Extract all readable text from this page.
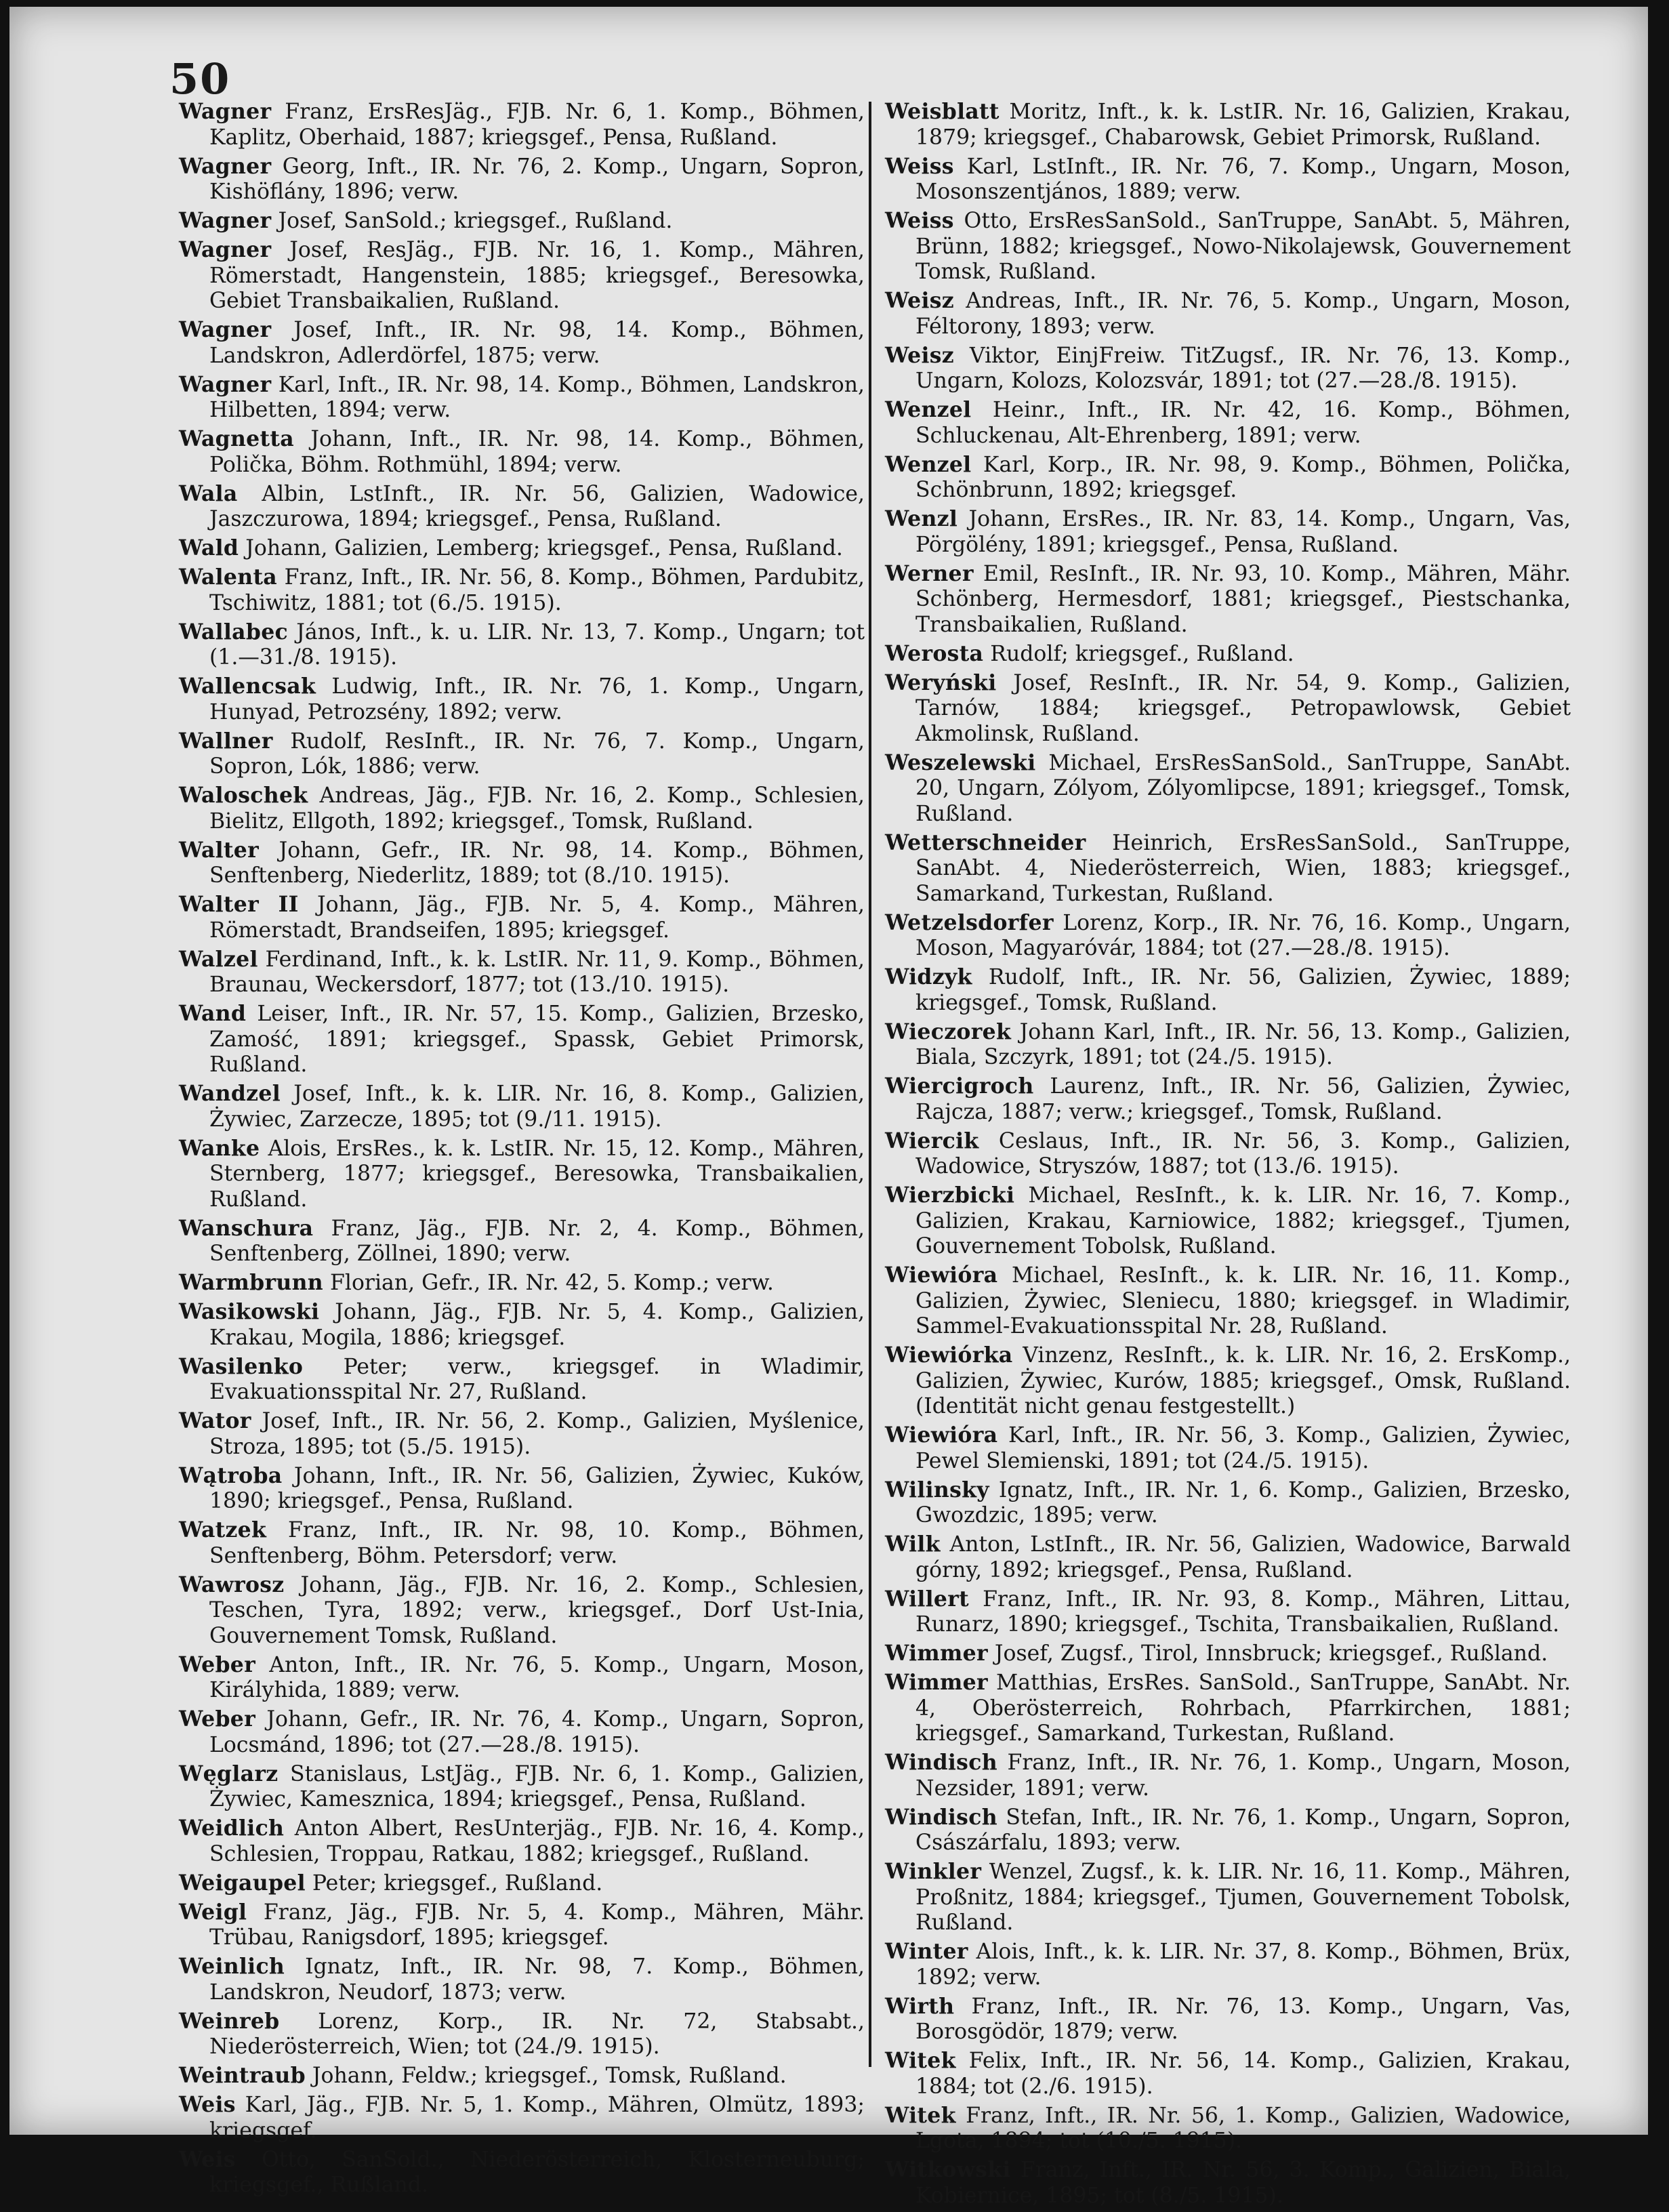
50

Wagner Franz, ErsResJäg., FJB. Nr. 6, 1. Komp., Böhmen, Kaplitz, Oberhaid, 1887; kriegsgef., Pensa, Rußland.

Wagner Georg, Inft., IR. Nr. 76, 2. Komp., Ungarn, Sopron, Kishöflány, 1896; verw.

Wagner Josef, SanSold.; kriegsgef., Rußland.

Wagner Josef, ResJäg., FJB. Nr. 16, 1. Komp., Mähren, Römerstadt, Hangenstein, 1885; kriegsgef., Beresowka, Gebiet Transbaikalien, Rußland.

Wagner Josef, Inft., IR. Nr. 98, 14. Komp., Böhmen, Landskron, Adlerdörfel, 1875; verw.

Wagner Karl, Inft., IR. Nr. 98, 14. Komp., Böhmen, Landskron, Hilbetten, 1894; verw.

Wagnetta Johann, Inft., IR. Nr. 98, 14. Komp., Böhmen, Polička, Böhm. Rothmühl, 1894; verw.

Wala Albin, LstInft., IR. Nr. 56, Galizien, Wadowice, Jaszczurowa, 1894; kriegsgef., Pensa, Rußland.

Wald Johann, Galizien, Lemberg; kriegsgef., Pensa, Rußland.

Walenta Franz, Inft., IR. Nr. 56, 8. Komp., Böhmen, Pardubitz, Tschiwitz, 1881; tot (6./5. 1915).

Wallabec János, Inft., k. u. LIR. Nr. 13, 7. Komp., Ungarn; tot (1.—31./8. 1915).

Wallencsak Ludwig, Inft., IR. Nr. 76, 1. Komp., Ungarn, Hunyad, Petrozsény, 1892; verw.

Wallner Rudolf, ResInft., IR. Nr. 76, 7. Komp., Ungarn, Sopron, Lók, 1886; verw.

Waloschek Andreas, Jäg., FJB. Nr. 16, 2. Komp., Schlesien, Bielitz, Ellgoth, 1892; kriegsgef., Tomsk, Rußland.

Walter Johann, Gefr., IR. Nr. 98, 14. Komp., Böhmen, Senftenberg, Niederlitz, 1889; tot (8./10. 1915).

Walter II Johann, Jäg., FJB. Nr. 5, 4. Komp., Mähren, Römerstadt, Brandseifen, 1895; kriegsgef.

Walzel Ferdinand, Inft., k. k. LstIR. Nr. 11, 9. Komp., Böhmen, Braunau, Weckersdorf, 1877; tot (13./10. 1915).

Wand Leiser, Inft., IR. Nr. 57, 15. Komp., Galizien, Brzesko, Zamość, 1891; kriegsgef., Spassk, Gebiet Primorsk, Rußland.

Wandzel Josef, Inft., k. k. LIR. Nr. 16, 8. Komp., Galizien, Żywiec, Zarzecze, 1895; tot (9./11. 1915).

Wanke Alois, ErsRes., k. k. LstIR. Nr. 15, 12. Komp., Mähren, Sternberg, 1877; kriegsgef., Beresowka, Transbaikalien, Rußland.

Wanschura Franz, Jäg., FJB. Nr. 2, 4. Komp., Böhmen, Senftenberg, Zöllnei, 1890; verw.

Warmbrunn Florian, Gefr., IR. Nr. 42, 5. Komp.; verw.

Wasikowski Johann, Jäg., FJB. Nr. 5, 4. Komp., Galizien, Krakau, Mogila, 1886; kriegsgef.

Wasilenko Peter; verw., kriegsgef. in Wladimir, Evakuationsspital Nr. 27, Rußland.

Wator Josef, Inft., IR. Nr. 56, 2. Komp., Galizien, Myślenice, Stroza, 1895; tot (5./5. 1915).

Wątroba Johann, Inft., IR. Nr. 56, Galizien, Żywiec, Kuków, 1890; kriegsgef., Pensa, Rußland.

Watzek Franz, Inft., IR. Nr. 98, 10. Komp., Böhmen, Senftenberg, Böhm. Petersdorf; verw.

Wawrosz Johann, Jäg., FJB. Nr. 16, 2. Komp., Schlesien, Teschen, Tyra, 1892; verw., kriegsgef., Dorf Ust-Inia, Gouvernement Tomsk, Rußland.

Weber Anton, Inft., IR. Nr. 76, 5. Komp., Ungarn, Moson, Királyhida, 1889; verw.

Weber Johann, Gefr., IR. Nr. 76, 4. Komp., Ungarn, Sopron, Locsmánd, 1896; tot (27.—28./8. 1915).

Węglarz Stanislaus, LstJäg., FJB. Nr. 6, 1. Komp., Galizien, Żywiec, Kamesznica, 1894; kriegsgef., Pensa, Rußland.

Weidlich Anton Albert, ResUnterjäg., FJB. Nr. 16, 4. Komp., Schlesien, Troppau, Ratkau, 1882; kriegsgef., Rußland.

Weigaupel Peter; kriegsgef., Rußland.

Weigl Franz, Jäg., FJB. Nr. 5, 4. Komp., Mähren, Mähr. Trübau, Ranigsdorf, 1895; kriegsgef.

Weinlich Ignatz, Inft., IR. Nr. 98, 7. Komp., Böhmen, Landskron, Neudorf, 1873; verw.

Weinreb Lorenz, Korp., IR. Nr. 72, Stabsabt., Niederösterreich, Wien; tot (24./9. 1915).

Weintraub Johann, Feldw.; kriegsgef., Tomsk, Rußland.

Weis Karl, Jäg., FJB. Nr. 5, 1. Komp., Mähren, Olmütz, 1893; kriegsgef.

Weis Otto, SanSold., Niederösterreich, Klosterneuburg; kriegsgef., Rußland.

Weisblatt Moritz, Inft., k. k. LstIR. Nr. 16, Galizien, Krakau, 1879; kriegsgef., Chabarowsk, Gebiet Primorsk, Rußland.

Weiss Karl, LstInft., IR. Nr. 76, 7. Komp., Ungarn, Moson, Mosonszentjános, 1889; verw.

Weiss Otto, ErsResSanSold., SanTruppe, SanAbt. 5, Mähren, Brünn, 1882; kriegsgef., Nowo-Nikolajewsk, Gouvernement Tomsk, Rußland.

Weisz Andreas, Inft., IR. Nr. 76, 5. Komp., Ungarn, Moson, Féltorony, 1893; verw.

Weisz Viktor, EinjFreiw. TitZugsf., IR. Nr. 76, 13. Komp., Ungarn, Kolozs, Kolozsvár, 1891; tot (27.—28./8. 1915).

Wenzel Heinr., Inft., IR. Nr. 42, 16. Komp., Böhmen, Schluckenau, Alt-Ehrenberg, 1891; verw.

Wenzel Karl, Korp., IR. Nr. 98, 9. Komp., Böhmen, Polička, Schönbrunn, 1892; kriegsgef.

Wenzl Johann, ErsRes., IR. Nr. 83, 14. Komp., Ungarn, Vas, Pörgölény, 1891; kriegsgef., Pensa, Rußland.

Werner Emil, ResInft., IR. Nr. 93, 10. Komp., Mähren, Mähr. Schönberg, Hermesdorf, 1881; kriegsgef., Piestschanka, Transbaikalien, Rußland.

Werosta Rudolf; kriegsgef., Rußland.

Weryński Josef, ResInft., IR. Nr. 54, 9. Komp., Galizien, Tarnów, 1884; kriegsgef., Petropawlowsk, Gebiet Akmolinsk, Rußland.

Weszelewski Michael, ErsResSanSold., SanTruppe, SanAbt. 20, Ungarn, Zólyom, Zólyomlipcse, 1891; kriegsgef., Tomsk, Rußland.

Wetterschneider Heinrich, ErsResSanSold., SanTruppe, SanAbt. 4, Niederösterreich, Wien, 1883; kriegsgef., Samarkand, Turkestan, Rußland.

Wetzelsdorfer Lorenz, Korp., IR. Nr. 76, 16. Komp., Ungarn, Moson, Magyaróvár, 1884; tot (27.—28./8. 1915).

Widzyk Rudolf, Inft., IR. Nr. 56, Galizien, Żywiec, 1889; kriegsgef., Tomsk, Rußland.

Wieczorek Johann Karl, Inft., IR. Nr. 56, 13. Komp., Galizien, Biala, Szczyrk, 1891; tot (24./5. 1915).

Wiercigroch Laurenz, Inft., IR. Nr. 56, Galizien, Żywiec, Rajcza, 1887; verw.; kriegsgef., Tomsk, Rußland.

Wiercik Ceslaus, Inft., IR. Nr. 56, 3. Komp., Galizien, Wadowice, Stryszów, 1887; tot (13./6. 1915).

Wierzbicki Michael, ResInft., k. k. LIR. Nr. 16, 7. Komp., Galizien, Krakau, Karniowice, 1882; kriegsgef., Tjumen, Gouvernement Tobolsk, Rußland.

Wiewióra Michael, ResInft., k. k. LIR. Nr. 16, 11. Komp., Galizien, Żywiec, Sleniecu, 1880; kriegsgef. in Wladimir, Sammel-Evakuationsspital Nr. 28, Rußland.

Wiewiórka Vinzenz, ResInft., k. k. LIR. Nr. 16, 2. ErsKomp., Galizien, Żywiec, Kurów, 1885; kriegsgef., Omsk, Rußland. (Identität nicht genau festgestellt.)

Wiewióra Karl, Inft., IR. Nr. 56, 3. Komp., Galizien, Żywiec, Pewel Slemienski, 1891; tot (24./5. 1915).

Wilinsky Ignatz, Inft., IR. Nr. 1, 6. Komp., Galizien, Brzesko, Gwozdzic, 1895; verw.

Wilk Anton, LstInft., IR. Nr. 56, Galizien, Wadowice, Barwald górny, 1892; kriegsgef., Pensa, Rußland.

Willert Franz, Inft., IR. Nr. 93, 8. Komp., Mähren, Littau, Runarz, 1890; kriegsgef., Tschita, Transbaikalien, Rußland.

Wimmer Josef, Zugsf., Tirol, Innsbruck; kriegsgef., Rußland.

Wimmer Matthias, ErsRes. SanSold., SanTruppe, SanAbt. Nr. 4, Oberösterreich, Rohrbach, Pfarrkirchen, 1881; kriegsgef., Samarkand, Turkestan, Rußland.

Windisch Franz, Inft., IR. Nr. 76, 1. Komp., Ungarn, Moson, Nezsider, 1891; verw.

Windisch Stefan, Inft., IR. Nr. 76, 1. Komp., Ungarn, Sopron, Császárfalu, 1893; verw.

Winkler Wenzel, Zugsf., k. k. LIR. Nr. 16, 11. Komp., Mähren, Proßnitz, 1884; kriegsgef., Tjumen, Gouvernement Tobolsk, Rußland.

Winter Alois, Inft., k. k. LIR. Nr. 37, 8. Komp., Böhmen, Brüx, 1892; verw.

Wirth Franz, Inft., IR. Nr. 76, 13. Komp., Ungarn, Vas, Borosgödör, 1879; verw.

Witek Felix, Inft., IR. Nr. 56, 14. Komp., Galizien, Krakau, 1884; tot (2./6. 1915).

Witek Franz, Inft., IR. Nr. 56, 1. Komp., Galizien, Wadowice, Lgota, 1894; tot (10./5. 1915).

Witkowski Franz, Inft., IR. Nr. 56, 3. Komp., Galizien, Biala, Kobiernice, 1895; tot (8./5. 1915).
